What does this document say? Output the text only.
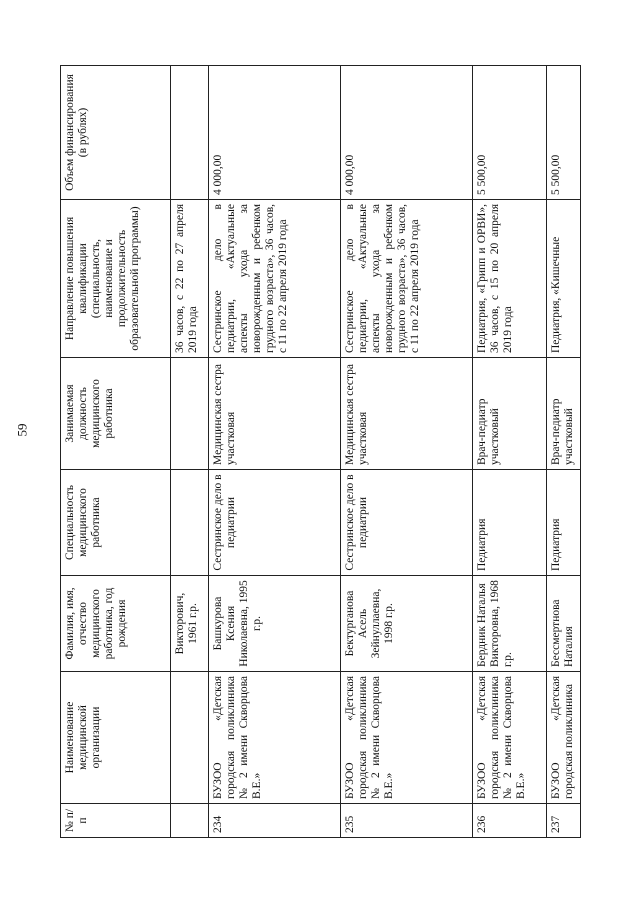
59
№ п/п	Наименование медицинской организации	Фамилия, имя, отчество медицинского работника, год рождения	Специальность медицинского работника	Занимаемая должность медицинского работника	Направление повышения квалификации (специальность, наименование и продолжительность образовательной программы)	Объем финансирования (в рублях)
		Викторович, 1961 г.р.			36 часов, с 22 по 27 апреля 2019 года	
234	БУЗОО «Детская городская поликлиника № 2 имени Скворцова В.Е.»	Башкурова Ксения Николаевна, 1995 г.р.	Сестринское дело в педиатрии	Медицинская сестра участковая	Сестринское дело в педиатрии, «Актуальные аспекты ухода за новорожденным и ребенком грудного возраста», 36 часов, с 11 по 22 апреля 2019 года	4 000,00
235	БУЗОО «Детская городская поликлиника № 2 имени Скворцова В.Е.»	Бектурганова Асель Зейнуллаевна, 1998 г.р.	Сестринское дело в педиатрии	Медицинская сестра участковая	Сестринское дело в педиатрии, «Актуальные аспекты ухода за новорожденным и ребенком грудного возраста», 36 часов, с 11 по 22 апреля 2019 года	4 000,00
236	БУЗОО «Детская городская поликлиника № 2 имени Скворцова В.Е.»	Бердник Наталья Викторовна, 1968 г.р.	Педиатрия	Врач-педиатр участковый	Педиатрия, «Грипп и ОРВИ», 36 часов, с 15 по 20 апреля 2019 года	5 500,00
237	БУЗОО «Детская городская поликлиника	Бессмертнова Наталия	Педиатрия	Врач-педиатр участковый	Педиатрия, «Кишечные	5 500,00
